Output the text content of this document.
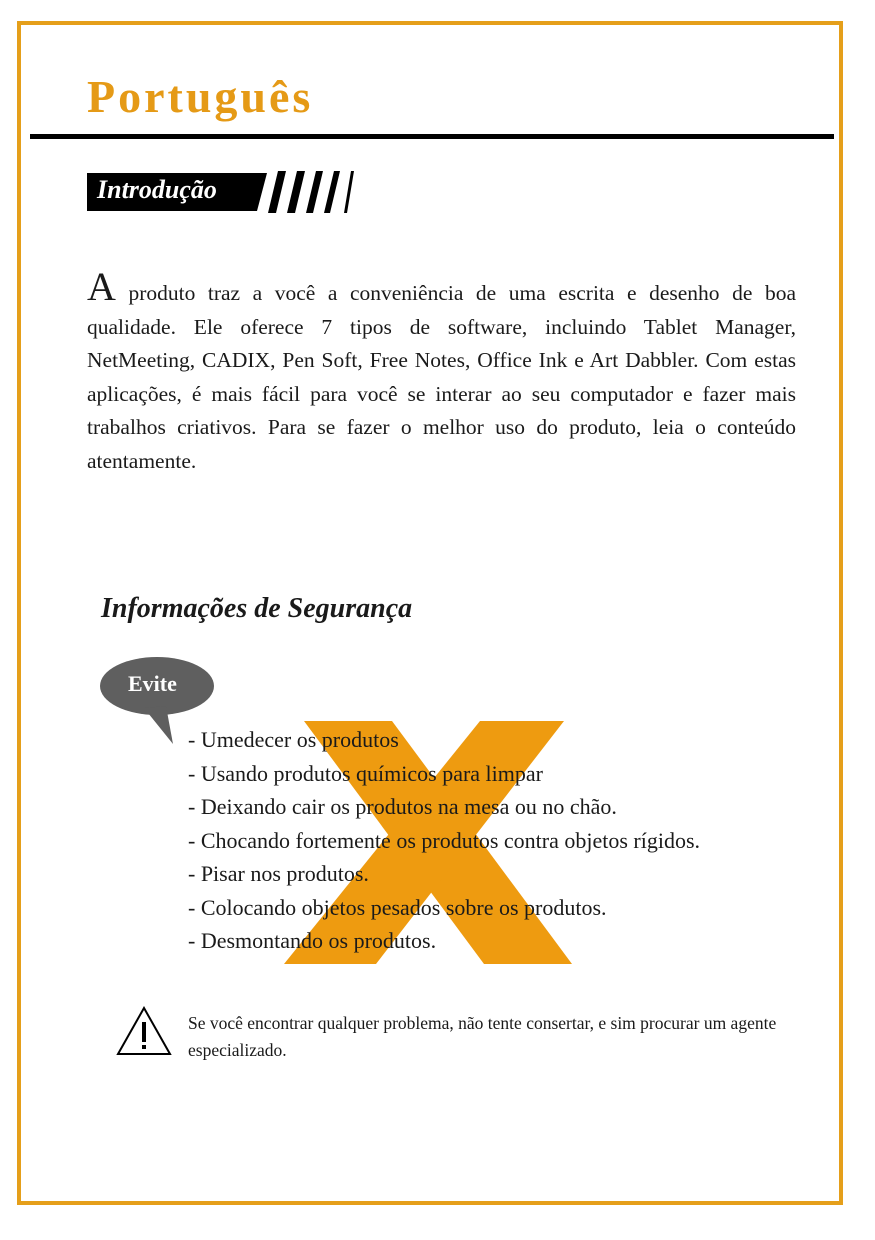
Português
Introdução

A produto traz a você a conveniência de uma escrita e desenho de boa qualidade. Ele oferece 7 tipos de software, incluindo Tablet Manager, NetMeeting, CADIX, Pen Soft, Free Notes, Office Ink e Art Dabbler. Com estas aplicações, é mais fácil para você se interar ao seu computador e fazer mais trabalhos criativos. Para se fazer o melhor uso do produto, leia o conteúdo atentamente.

Informações de Segurança
Evite
- Umedecer os produtos
- Usando produtos químicos para limpar
- Deixando cair os produtos na mesa ou no chão.
- Chocando fortemente os produtos contra objetos rígidos.
- Pisar nos produtos.
- Colocando objetos pesados sobre os produtos.
- Desmontando os produtos.

Se você encontrar qualquer problema, não tente consertar, e sim procurar um agente especializado.
